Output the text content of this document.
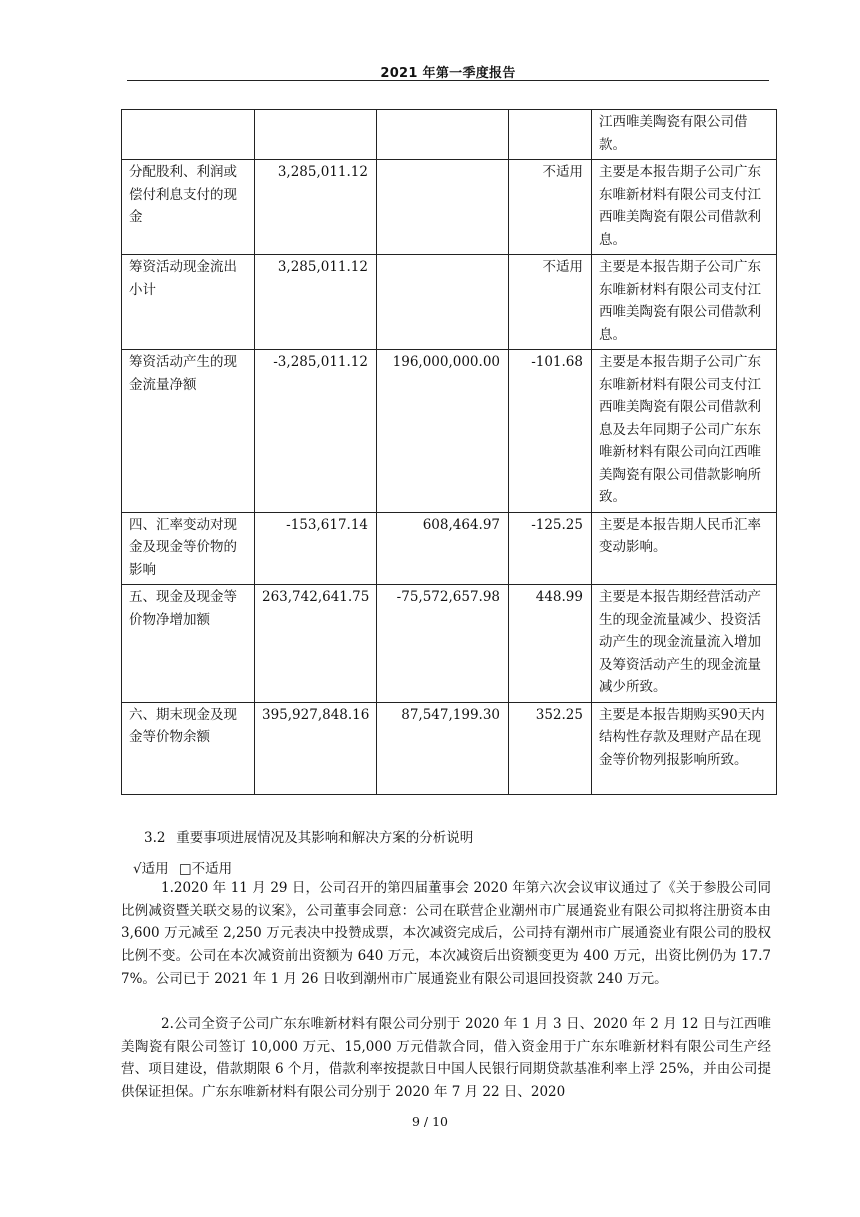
2021 年第一季度报告
				江西唯美陶瓷有限公司借款。
分配股利、利润或偿付利息支付的现金	3,285,011.12		不适用	主要是本报告期子公司广东东唯新材料有限公司支付江西唯美陶瓷有限公司借款利息。
筹资活动现金流出小计	3,285,011.12		不适用	主要是本报告期子公司广东东唯新材料有限公司支付江西唯美陶瓷有限公司借款利息。
筹资活动产生的现金流量净额	-3,285,011.12	196,000,000.00	-101.68	主要是本报告期子公司广东东唯新材料有限公司支付江西唯美陶瓷有限公司借款利息及去年同期子公司广东东唯新材料有限公司向江西唯美陶瓷有限公司借款影响所致。
四、汇率变动对现金及现金等价物的影响	-153,617.14	608,464.97	-125.25	主要是本报告期人民币汇率变动影响。
五、现金及现金等价物净增加额	263,742,641.75	-75,572,657.98	448.99	主要是本报告期经营活动产生的现金流量减少、投资活动产生的现金流量流入增加及筹资活动产生的现金流量减少所致。
六、期末现金及现金等价物余额	395,927,848.16	87,547,199.30	352.25	主要是本报告期购买90天内结构性存款及理财产品在现金等价物列报影响所致。
3.2 重要事项进展情况及其影响和解决方案的分析说明
√适用 □不适用
1.2020 年 11 月 29 日，公司召开的第四届董事会 2020 年第六次会议审议通过了《关于参股公司同比例减资暨关联交易的议案》，公司董事会同意：公司在联营企业潮州市广展通瓷业有限公司拟将注册资本由 3,600 万元减至 2,250 万元表决中投赞成票，本次减资完成后，公司持有潮州市广展通瓷业有限公司的股权比例不变。公司在本次减资前出资额为 640 万元，本次减资后出资额变更为 400 万元，出资比例仍为 17.77%。公司已于 2021 年 1 月 26 日收到潮州市广展通瓷业有限公司退回投资款 240 万元。
2.公司全资子公司广东东唯新材料有限公司分别于 2020 年 1 月 3 日、2020 年 2 月 12 日与江西唯美陶瓷有限公司签订 10,000 万元、15,000 万元借款合同，借入资金用于广东东唯新材料有限公司生产经营、项目建设，借款期限 6 个月，借款利率按提款日中国人民银行同期贷款基准利率上浮 25%，并由公司提供保证担保。广东东唯新材料有限公司分别于 2020 年 7 月 22 日、2020
9 / 10
